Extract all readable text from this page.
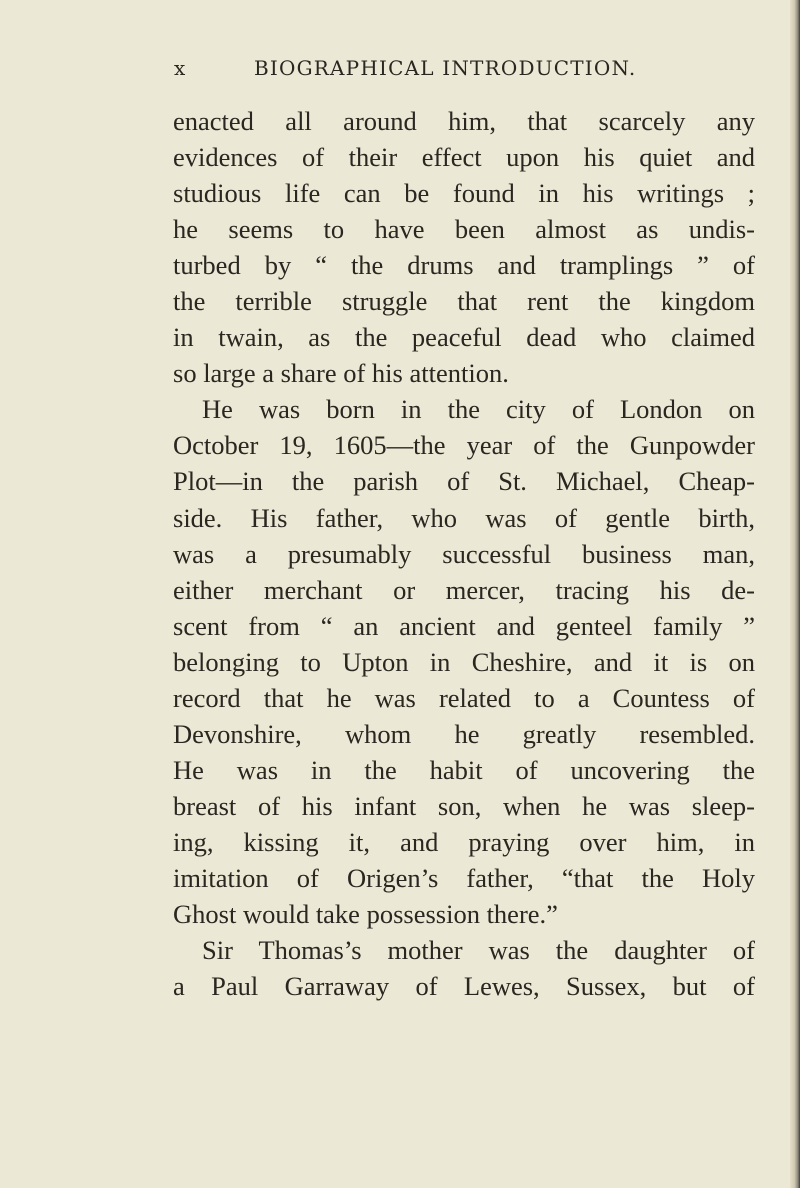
x	BIOGRAPHICAL INTRODUCTION.
enacted all around him, that scarcely any
evidences of their effect upon his quiet and
studious life can be found in his writings ;
he seems to have been almost as undis-
turbed by “ the drums and tramplings ” of
the terrible struggle that rent the kingdom
in twain, as the peaceful dead who claimed
so large a share of his attention.
He was born in the city of London on
October 19, 1605—the year of the Gunpowder
Plot—in the parish of St. Michael, Cheap-
side. His father, who was of gentle birth,
was a presumably successful business man,
either merchant or mercer, tracing his de-
scent from “ an ancient and genteel family ”
belonging to Upton in Cheshire, and it is on
record that he was related to a Countess of
Devonshire, whom he greatly resembled.
He was in the habit of uncovering the
breast of his infant son, when he was sleep-
ing, kissing it, and praying over him, in
imitation of Origen’s father, “that the Holy
Ghost would take possession there.”
Sir Thomas’s mother was the daughter of
a Paul Garraway of Lewes, Sussex, but of
